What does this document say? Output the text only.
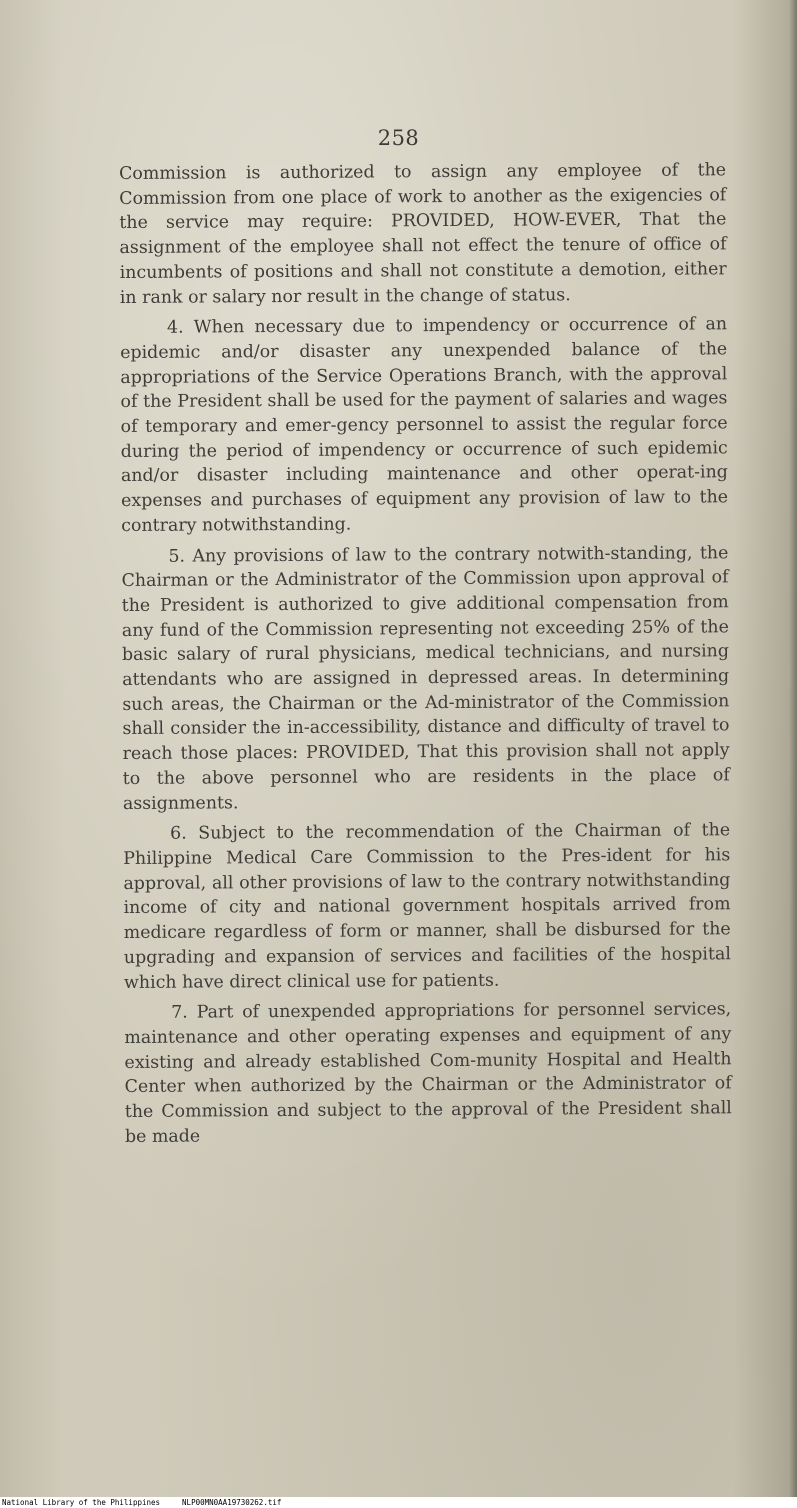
258

Commission is authorized to assign any employee of the Commission from one place of work to another as the exigencies of the service may require: PROVIDED, HOW-EVER, That the assignment of the employee shall not effect the tenure of office of incumbents of positions and shall not constitute a demotion, either in rank or salary nor result in the change of status.

4. When necessary due to impendency or occurrence of an epidemic and/or disaster any unexpended balance of the appropriations of the Service Operations Branch, with the approval of the President shall be used for the payment of salaries and wages of temporary and emer-gency personnel to assist the regular force during the period of impendency or occurrence of such epidemic and/or disaster including maintenance and other operat-ing expenses and purchases of equipment any provision of law to the contrary notwithstanding.

5. Any provisions of law to the contrary notwith-standing, the Chairman or the Administrator of the Commission upon approval of the President is authorized to give additional compensation from any fund of the Commission representing not exceeding 25% of the basic salary of rural physicians, medical technicians, and nursing attendants who are assigned in depressed areas. In determining such areas, the Chairman or the Ad-ministrator of the Commission shall consider the in-accessibility, distance and difficulty of travel to reach those places: PROVIDED, That this provision shall not apply to the above personnel who are residents in the place of assignments.

6. Subject to the recommendation of the Chairman of the Philippine Medical Care Commission to the Pres-ident for his approval, all other provisions of law to the contrary notwithstanding income of city and national government hospitals arrived from medicare regardless of form or manner, shall be disbursed for the upgrading and expansion of services and facilities of the hospital which have direct clinical use for patients.

7. Part of unexpended appropriations for personnel services, maintenance and other operating expenses and equipment of any existing and already established Com-munity Hospital and Health Center when authorized by the Chairman or the Administrator of the Commission and subject to the approval of the President shall be made

National Library of the Philippines	NLP00MN0AA19730262.tif
